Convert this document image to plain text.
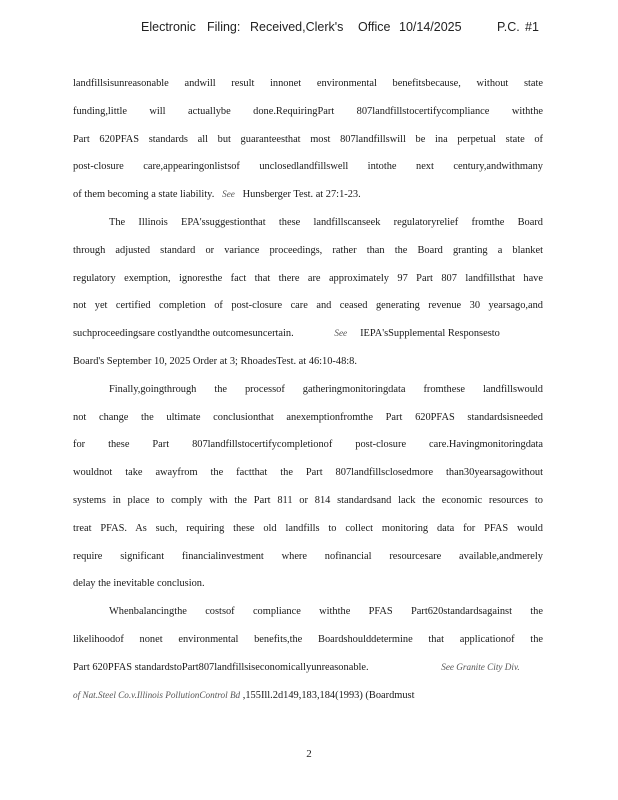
Electronic Filing: Received,Clerk's Office 10/14/2025	P.C. #1

landfillsisunreasonable andwill result innonet environmental benefitsbecause, without state
funding,little will actuallybe done.RequiringPart 807landfillstocertifycompliance withthe
Part 620PFAS standards all but guaranteesthat most 807landfillswill be ina perpetual state of
post-closure care,appearingonlistsof unclosedlandfillswell intothe next century,andwithmany
of them becoming a state liability. See Hunsberger Test. at 27:1-23.

The Illinois EPA'ssuggestionthat these landfillscanseek regulatoryrelief fromthe Board
through adjusted standard or variance proceedings, rather than the Board granting a blanket
regulatory exemption, ignoresthe fact that there are approximately 97 Part 807 landfillsthat have
not yet certified completion of post-closure care and ceased generating revenue 30 yearsago,and
suchproceedingsare costlyandthe outcomesuncertain.	See IEPA'sSupplemental Responsesto
Board's September 10, 2025 Order at 3; RhoadesTest. at 46:10-48:8.

Finally,goingthrough the processof gatheringmonitoringdata fromthese landfillswould
not change the ultimate conclusionthat anexemptionfromthe Part 620PFAS standardsisneeded
for these Part 807landfillstocertifycompletionof post-closure care.Havingmonitoringdata
wouldnot take awayfrom the factthat the Part 807landfillsclosedmore than30yearsagowithout
systems in place to comply with the Part 811 or 814 standardsand lack the economic resources to
treat PFAS. As such, requiring these old landfills to collect monitoring data for PFAS would
require significant financialinvestment where nofinancial resourcesare available,andmerely
delay the inevitable conclusion.

Whenbalancingthe costsof compliance withthe PFAS Part620standardsagainst the
likelihoodof nonet environmental benefits,the Boardshoulddetermine that applicationof the
Part 620PFAS standardstoPart807landfillsiseconomicallyunreasonable.	See Granite City Div.
of Nat.Steel Co.v.Illinois PollutionControl Bd ,155Ill.2d149,183,184(1993) (Boardmust

2
